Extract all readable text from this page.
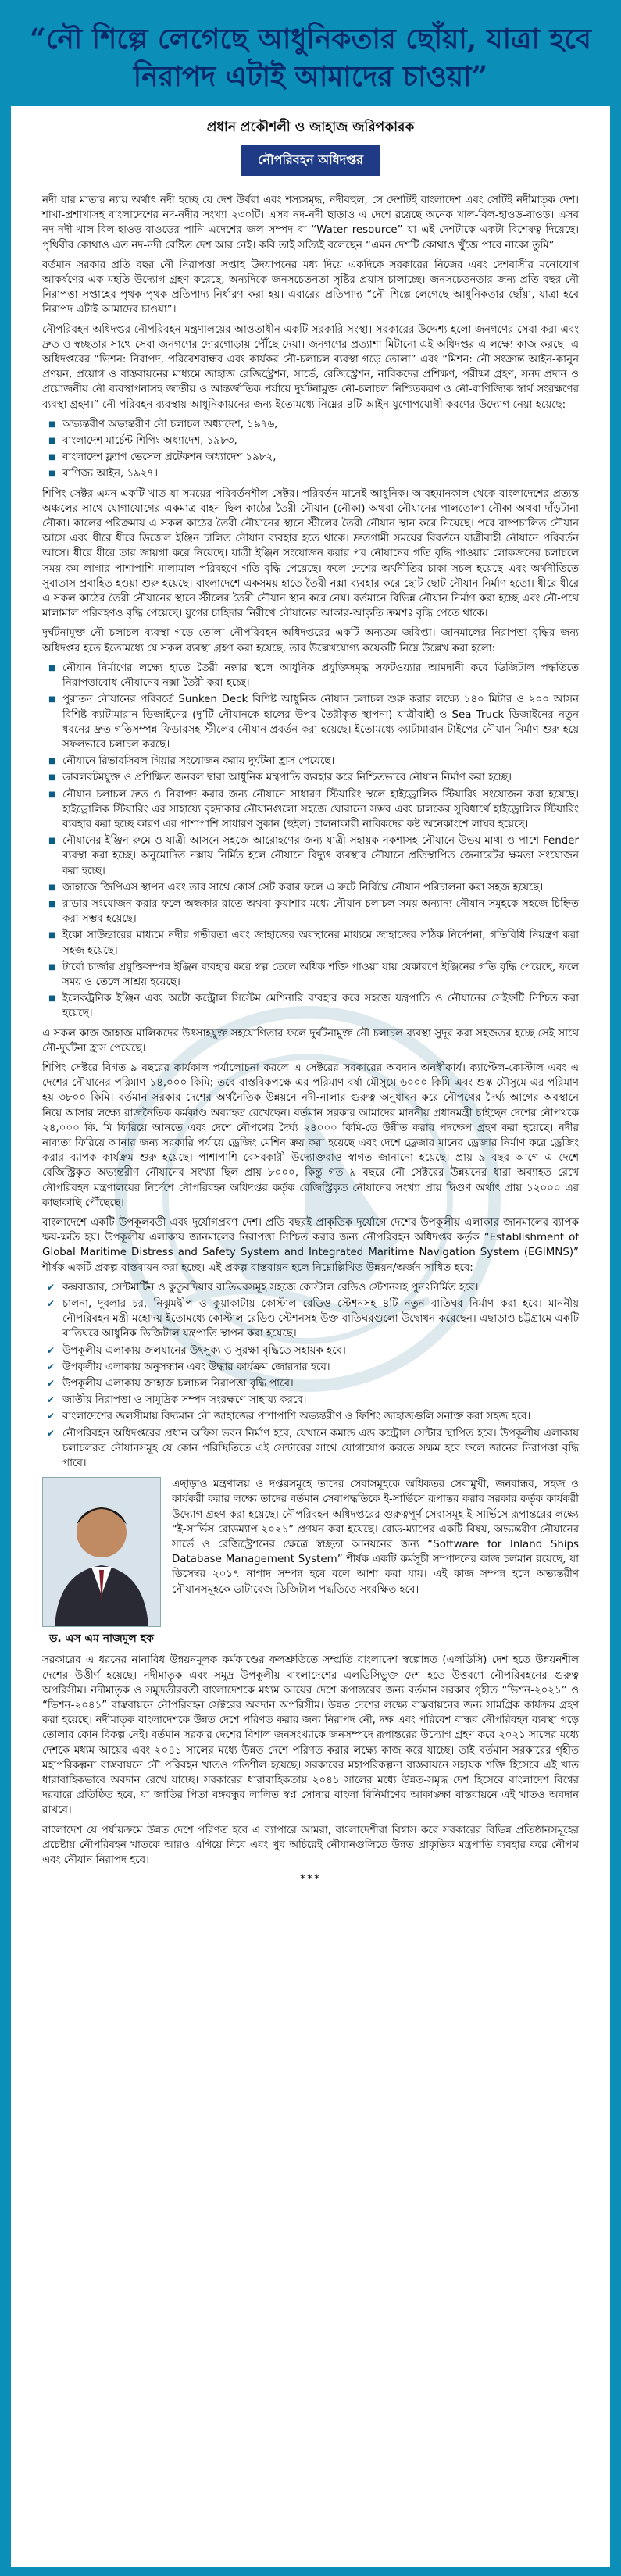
“নৌ শিল্পে লেগেছে আধুনিকতার ছোঁয়া, যাত্রা হবে নিরাপদ এটাই আমাদের চাওয়া”
প্রধান প্রকৌশলী ও জাহাজ জরিপকারক
নৌপরিবহন অধিদপ্তর

নদী যার মাতার ন্যায় অর্থাৎ নদী হচ্ছে যে দেশ উর্বরা এবং শস্যসমৃদ্ধ, নদীবহুল, সে দেশটিই বাংলাদেশ এবং সেটিই নদীমাতৃক দেশ। শাখা-প্রশাখাসহ বাংলাদেশের নদ-নদীর সংখ্যা ২৩০টি। এসব নদ-নদী ছাড়াও এ দেশে রয়েছে অনেক খাল-বিল-হাওড়-বাওড়। এসব নদ-নদী-খাল-বিল-হাওড়-বাওড়ের পানি এদেশের জল সম্পদ বা “Water resource” যা এই দেশটাকে একটা বিশেষত্ব দিয়েছে। পৃথিবীর কোথাও এত নদ-নদী বেষ্টিত দেশ আর নেই। কবি তাই সত্যিই বলেছেন “এমন দেশটি কোথাও খুঁজে পাবে নাকো তুমি”

বর্তমান সরকার প্রতি বছর নৌ নিরাপত্তা সপ্তাহ উদযাপনের মধ্য দিয়ে একদিকে সরকারের নিজের এবং দেশবাসীর মনোযোগ আকর্ষণের এক মহতি উদ্যোগ গ্রহণ করেছে, অন্যদিকে জনসচেতনতা সৃষ্টির প্রয়াস চালাচ্ছে। জনসচেতনতার জন্য প্রতি বছর নৌ নিরাপত্তা সপ্তাহের পৃথক পৃথক প্রতিপাদ্য নির্ধারণ করা হয়। এবারের প্রতিপাদ্য “নৌ শিল্পে লেগেছে আধুনিকতার ছোঁয়া, যাত্রা হবে নিরাপদ এটাই আমাদের চাওয়া”।

নৌপরিবহন অধিদপ্তর নৌপরিবহন মন্ত্রণালয়ের আওতাধীন একটি সরকারি সংস্থা। সরকারের উদ্দেশ্য হলো জনগণের সেবা করা এবং দ্রুত ও স্বচ্ছতার সাথে সেবা জনগণের দোরগোড়ায় পৌঁছে দেয়া। জনগণের প্রত্যাশা মিটানো এই অধিদপ্তর এ লক্ষ্যে কাজ করছে। এ অধিদপ্তরের “ভিশন: নিরাপদ, পরিবেশবান্ধব এবং কার্যকর নৌ-চলাচল ব্যবস্থা গড়ে তোলা” এবং “মিশন: নৌ সংক্রান্ত আইন-কানুন প্রণয়ন, প্রয়োগ ও বাস্তবায়নের মাধ্যমে জাহাজ রেজিস্ট্রেশন, সার্ভে, রেজিস্ট্রেশন, নাবিকদের প্রশিক্ষণ, পরীক্ষা গ্রহণ, সনদ প্রদান ও প্রয়োজনীয় নৌ ব্যবস্থাপনাসহ জাতীয় ও আন্তর্জাতিক পর্যায়ে দুর্ঘটনামুক্ত নৌ-চলাচল নিশ্চিতকরণ ও নৌ-বাণিজ্যিক স্বার্থ সংরক্ষণের ব্যবস্থা গ্রহণ।” নৌ পরিবহন ব্যবস্থায় আধুনিকায়নের জন্য ইতোমধ্যে নিম্নের ৪টি আইন যুগোপযোগী করণের উদ্যোগ নেয়া হয়েছে:

■ অভ্যন্তরীণ অভ্যন্তরীণ নৌ চলাচল অধ্যাদেশ, ১৯৭৬,
■ বাংলাদেশ মার্চেন্ট শিপিং অধ্যাদেশ, ১৯৮৩,
■ বাংলাদেশ ফ্ল্যাগ ভেসেল প্রটেকশন অধ্যাদেশ ১৯৮২,
■ বাণিজ্য আইন, ১৯২৭।

শিপিং সেক্টর এমন একটি খাত যা সময়ের পরিবর্তনশীল সেক্টর। পরিবর্তন মানেই আধুনিক। আবহমানকাল থেকে বাংলাদেশের প্রত্যন্ত অঞ্চলের সাথে যোগাযোগের একমাত্র বাহন ছিল কাঠের তৈরী নৌযান (নৌকা) অথবা নৌযানের পালতোলা নৌকা অথবা দাঁড়টানা নৌকা। কালের পরিক্রমায় এ সকল কাঠের তৈরী নৌযানের স্থানে স্টীলের তৈরী নৌযান স্থান করে নিয়েছে। পরে বাষ্পচালিত নৌযান আসে এবং ধীরে ধীরে ডিজেল ইঞ্জিন চালিত নৌযান ব্যবহার হতে থাকে। দ্রুতগামী সময়ের বিবর্তনে যাত্রীবাহী নৌযানে পরিবর্তন আসে। ধীরে ধীরে তার জায়গা করে নিয়েছে। যাত্রী ইঞ্জিন সংযোজন করার পর নৌযানের গতি বৃদ্ধি পাওয়ায় লোকজনের চলাচলে সময় কম লাগার পাশাপাশি মালামাল পরিবহণে গতি বৃদ্ধি পেয়েছে। ফলে দেশের অর্থনীতির চাকা সচল হয়েছে এবং অর্থনীতিতে সুবাতাস প্রবাহিত হওয়া শুরু হয়েছে। বাংলাদেশে একসময় হাতে তৈরী নক্সা ব্যবহার করে ছোট ছোট নৌযান নির্মাণ হতো। ধীরে ধীরে এ সকল কাঠের তৈরী নৌযানের স্থানে স্টীলের তৈরী নৌযান স্থান করে নেয়। বর্তমানে বিভিন্ন নৌযান নির্মাণ করা হচ্ছে এবং নৌ-পথে মালামাল পরিবহণও বৃদ্ধি পেয়েছে। যুগের চাহিদার নিরীখে নৌযানের আকার-আকৃতি ক্রমশঃ বৃদ্ধি পেতে থাকে।

দুর্ঘটনামুক্ত নৌ চলাচল ব্যবস্থা গড়ে তোলা নৌপরিবহন অধিদপ্তরের একটি অন্যতম জরিপ্তা। জানমালের নিরাপত্তা বৃদ্ধির জন্য অধিদপ্তর হতে ইতোমধ্যে যে সকল ব্যবস্থা গ্রহণ করা হয়েছে, তার উল্লেখযোগ্য কয়েকটি নিম্নে উল্লেখ করা হলো:

■ নৌযান নির্মাণের লক্ষ্যে হাতে তৈরী নক্সার স্থলে আধুনিক প্রযুক্তিসমৃদ্ধ সফটওয়্যার আমদানী করে ডিজিটাল পদ্ধতিতে নিরাপত্তাবোধ নৌযানের নক্সা তৈরী করা হচ্ছে।
■ পুরাতন নৌযানের পরিবর্তে Sunken Deck বিশিষ্ট আধুনিক নৌযান চলাচল শুরু করার লক্ষ্যে ১৪০ মিটার ও ২০০ আসন বিশিষ্ট ক্যাটামারান ডিজাইনের (দু’টি নৌযানকে হালের উপর তৈরীকৃত স্থাপনা) যাত্রীবাহী ও Sea Truck ডিজাইনের নতুন ধরনের দ্রুত গতিসম্পন্ন ফিডারসহ স্টীলের নৌযান প্রবর্তন করা হয়েছে। ইতোমধ্যে ক্যাটামারান টাইপের নৌযান নির্মাণ শুরু হয়ে সফলভাবে চলাচল করছে।
■ নৌযানে রিভারসিবল গিয়ার সংযোজন করায় দুর্ঘটনা হ্রাস পেয়েছে।
■ ডাবলবটমযুক্ত ও প্রশিক্ষিত জনবল দ্বারা আধুনিক মন্ত্রপাতি ব্যবহার করে নিশ্চিতভাবে নৌযান নির্মাণ করা হচ্ছে।
■ নৌযান চলাচল দ্রুত ও নিরাপদ করার জন্য নৌযানে সাধারণ স্টিয়ারিং স্থলে হাইড্রোলিক স্টিয়ারিং সংযোজন করা হয়েছে। হাইড্রোলিক স্টিয়ারিং এর সাহায্যে বৃহদাকার নৌযানগুলো সহজে ঘোরানো সম্ভব এবং চালকের সুবিধার্থে হাইড্রোলিক স্টিয়ারিং ব্যবহার করা হচ্ছে কারণ এর পাশাপাশি সাধারণ সুকান (হুইল) চালনাকারী নাবিকদের কষ্ট অনেকাংশে লাঘব হয়েছে।
■ নৌযানের ইঞ্জিন রুমে ও যাত্রী আসনে সহজে আরোহণের জন্য যাত্রী সহায়ক নকশাসহ নৌযানে উভয় মাথা ও পাশে Fender ব্যবস্থা করা হচ্ছে। অনুমোদিত নক্সায় নির্মিত হলে নৌযানে বিদ্যুৎ ব্যবস্থার নৌযানে প্রতিস্থাপিত জেনারেটর ক্ষমতা সংযোজন করা হচ্ছে।
■ জাহাজে জিপিএস স্থাপন এবং তার সাথে কোর্স সেট করার ফলে এ রুটে নির্বিঘ্নে নৌযান পরিচালনা করা সহজ হয়েছে।
■ রাডার সংযোজন করার ফলে অন্ধকার রাতে অথবা কুয়াশার মধ্যে নৌযান চলাচল সময় অন্যান্য নৌযান সমুহকে সহজে চিহ্নিত করা সম্ভব হয়েছে।
■ ইকো সাউন্ডারের মাধ্যমে নদীর গভীরতা এবং জাহাজের অবস্থানের মাধ্যমে জাহাজের সঠিক নির্দেশনা, গতিবিধি নিয়ন্ত্রণ করা সহজ হয়েছে।
■ টার্বো চার্জার প্রযুক্তিসম্পন্ন ইঞ্জিন ব্যবহার করে স্বল্প তেলে অধিক শক্তি পাওয়া যায় যেকারণে ইঞ্জিনের গতি বৃদ্ধি পেয়েছে, ফলে সময় ও তেলে সাশ্রয় হয়েছে।
■ ইলেকট্রনিক ইঞ্জিন এবং অটো কন্ট্রোল সিস্টেম মেশিনারি ব্যবহার করে সহজে যন্ত্রপাতি ও নৌযানের সেইফটি নিশ্চিত করা হয়েছে।

এ সকল কাজ জাহাজ মালিকদের উৎসাহযুক্ত সহযোগিতার ফলে দুর্ঘটনামুক্ত নৌ চলাচল ব্যবস্থা সুদূর করা সহজতর হচ্ছে সেই সাথে নৌ-দুর্ঘটনা হ্রাস পেয়েছে।

শিপিং সেক্টরে বিগত ৯ বছরের কার্যকাল পর্যালোচনা করলে এ সেক্টরের সরকারের অবদান অনস্বীকার্য। ক্যাপ্টেল-কোস্টাল এবং এ দেশের নৌযানের পরিমাণ ১৪,০০০ কিমি; তবে বাস্তবিকপক্ষে এর পরিমাণ বর্ষা মৌসুমে ৬০০০ কিমি এবং শুষ্ক মৌসুমে এর পরিমাণ হয় ৩৮০০ কিমি। বর্তমান সরকার দেশের অর্থনৈতিক উন্নয়নে নদী-নালার গুরুত্ব অনুধাবন করে নৌপথের দৈর্ঘ্য আগের অবস্থানে নিয়ে আসার লক্ষ্যে রাজনৈতিক কর্মকাণ্ড অব্যাহত রেখেছেন। বর্তমান সরকার আমাদের মাননীয় প্রধানমন্ত্রী চাইছেন দেশের নৌপথকে ২৪,০০০ কি. মি ফিরিয়ে আনতে এবং দেশে নৌপথের দৈর্ঘ্য ২৪০০০ কিমি-তে উন্নীত করার পদক্ষেপ গ্রহণ করা হয়েছে। নদীর নাব্যতা ফিরিয়ে আনার জন্য সরকারি পর্যায়ে ড্রেজিং মেশিন ক্রয় করা হয়েছে এবং দেশে ড্রেজার মানের ড্রেজার নির্মাণ করে ড্রেজিং করার ব্যাপক কার্যক্রম শুরু হয়েছে। পাশাপাশি বেসরকারী উদ্যোক্তরাও স্বাগত জানানো হয়েছে। প্রায় ৯ বছর আগে এ দেশে রেজিস্ট্রিকৃত অভ্যন্তরীণ নৌযানের সংখ্যা ছিল প্রায় ৮০০০, কিন্তু গত ৯ বছরে নৌ সেক্টরের উন্নয়নের ধারা অব্যাহত রেখে নৌপরিবহন মন্ত্রণালয়ের নির্দেশে নৌপরিবহন অধিদপ্তর কর্তৃক রেজিস্ট্রিকৃত নৌযানের সংখ্যা প্রায় দ্বিগুণ অর্থাৎ প্রায় ১২০০০ এর কাছাকাছি পৌঁছেছে।

বাংলাদেশে একটি উপকূলবর্তী এবং দুর্যোগপ্রবণ দেশ। প্রতি বছরই প্রাকৃতিক দুর্যোগে দেশের উপকূলীয় এলাকার জানমালের ব্যাপক ক্ষয়-ক্ষতি হয়। উপকূলীয় এলাকায় জানমালের নিরাপত্তা নিশ্চিত করার জন্য নৌপরিবহন অধিদপ্তর কর্তৃক “Establishment of Global Maritime Distress and Safety System and Integrated Maritime Navigation System (EGIMNS)” শীর্ষক একটি প্রকল্প বাস্তবায়ন করা হচ্ছে। এই প্রকল্প বাস্তবায়ন হলে নিম্নোল্লিখিত উন্নয়ন/অর্জন সাধিত হবে:

✔ কক্সবাজার, সেন্টমার্টিন ও কুতুবদিয়ার বাতিঘরসমূহ সহজে কোস্টাল রেডিও স্টেশনসহ পুনঃনির্মিত হবে।
✔ চালনা, দুবলার চর, নিঝুমদ্বীপ ও কুয়াকাটায় কোস্টাল রেডিও স্টেশনসহ ৪টি নতুন বাতিঘর নির্মাণ করা হবে। মাননীয় নৌপরিবহন মন্ত্রী মহোদয় ইতোমধ্যে কোস্টাল রেডিও স্টেশনসহ উক্ত বাতিঘরগুলো উদ্বোধন করেছেন। এছাড়াও চট্টগ্রামে একটি বাতিঘরে আধুনিক ডিজিটাল যন্ত্রপাতি স্থাপন করা হয়েছে।
✔ উপকূলীয় এলাকায় জলযানের উৎসুক্য ও সুরক্ষা বৃদ্ধিতে সহায়ক হবে।
✔ উপকূলীয় এলাকায় অনুসন্ধান এবং উদ্ধার কার্যক্রম জোরদার হবে।
✔ উপকূলীয় এলাকায় জাহাজ চলাচল নিরাপত্তা বৃদ্ধি পাবে।
✔ জাতীয় নিরাপত্তা ও সামুদ্রিক সম্পদ সংরক্ষণে সাহায্য করবে।
✔ বাংলাদেশের জলসীমায় বিদ্যমান নৌ জাহাজের পাশাপাশি অভ্যন্তরীণ ও ফিশিং জাহাজগুলি সনাক্ত করা সহজ হবে।
✔ নৌপরিবহন অধিদপ্তরের প্রধান অফিস ভবন নির্মাণ হবে, যেখানে কমান্ড এন্ড কন্ট্রোল সেন্টার স্থাপিত হবে। উপকূলীয় এলাকায় চলাচলরত নৌযানসমূহ যে কোন পরিস্থিতিতে এই সেন্টারের সাথে যোগাযোগ করতে সক্ষম হবে ফলে জানের নিরাপত্তা বৃদ্ধি পাবে।
ড. এস এম নাজমুল হক

এছাড়াও মন্ত্রণালয় ও দপ্তরসমূহে তাদের সেবাসমূহকে অধিকতর সেবামুখী, জনবান্ধব, সহজ ও কার্যকরী করার লক্ষ্যে তাদের বর্তমান সেবাপদ্ধতিকে ই-সার্ভিসে রূপান্তর করার সরকার কর্তৃক কার্যকরী উদ্যোগ গ্রহণ করা হয়েছে। নৌপরিবহন অধিদপ্তরের গুরুত্বপূর্ণ সেবাসমূহ ই-সার্ভিসে রূপান্তরের লক্ষ্যে “ই-সার্ভিস রোডম্যাপ ২০২১” প্রণয়ন করা হয়েছে। রোড-ম্যাপের একটি বিষয়, অভ্যন্তরীণ নৌযানের সার্ভে ও রেজিস্ট্রেশনের ক্ষেত্রে স্বচ্ছতা আনয়নের জন্য “Software for Inland Ships Database Management System” শীর্ষক একটি কর্মসূচী সম্পাদনের কাজ চলমান রয়েছে, যা ডিসেম্বর ২০১৭ নাগাদ সম্পন্ন হবে বলে আশা করা যায়। এই কাজ সম্পন্ন হলে অভ্যন্তরীণ নৌযানসমূহকে ডাটাবেজ ডিজিটাল পদ্ধতিতে সংরক্ষিত হবে।

সরকারের এ ধরনের নানাবিধ উন্নয়নমূলক কর্মকাণ্ডের ফলশ্রুতিতে সম্প্রতি বাংলাদেশ স্বল্পোন্নত (এলডিসি) দেশ হতে উন্নয়নশীল দেশের উত্তীর্ণ হয়েছে। নদীমাতৃক এবং সমুদ্র উপকূলীয় বাংলাদেশের এলডিসিভুক্ত দেশ হতে উত্তরণে নৌপরিবহনের গুরুত্ব অপরিসীম। নদীমাতৃক ও সমুদ্রতীরবর্তী বাংলাদেশকে মধ্যম আয়ের দেশে রূপান্তরের জন্য বর্তমান সরকার গৃহীত “ভিশন-২০২১” ও “ভিশন-২০৪১” বাস্তবায়নে নৌপরিবহন সেক্টরের অবদান অপরিসীম। উন্নত দেশের লক্ষ্যে বাস্তবায়নের জন্য সামগ্রিক কার্যক্রম গ্রহণ করা হয়েছে। নদীমাতৃক বাংলাদেশকে উন্নত দেশে পরিণত করার জন্য নিরাপদ নৌ, দক্ষ এবং পরিবেশ বান্ধব নৌপরিবহন ব্যবস্থা গড়ে তোলার কোন বিকল্প নেই। বর্তমান সরকার দেশের বিশাল জনসংখ্যাকে জনসম্পদে রূপান্তরের উদ্যোগ গ্রহণ করে ২০২১ সালের মধ্যে দেশকে মধ্যম আয়ের এবং ২০৪১ সালের মধ্যে উন্নত দেশে পরিণত করার লক্ষ্যে কাজ করে যাচ্ছে। তাই বর্তমান সরকারের গৃহীত মহাপরিকল্পনা বাস্তবায়নে নৌ পরিবহন খাতও গতিশীল হয়েছে। সরকারের মহাপরিকল্পনা বাস্তবায়নে সহায়ক শক্তি হিসেবে এই খাত ধারাবাহিকভাবে অবদান রেখে যাচ্ছে। সরকারের ধারাবাহিকতায় ২০৪১ সালের মধ্যে উন্নত-সমৃদ্ধ দেশ হিসেবে বাংলাদেশ বিশ্বের দরবারে প্রতিষ্ঠিত হবে, যা জাতির পিতা বঙ্গবন্ধুর লালিত স্বপ্ন সোনার বাংলা বিনির্মাণের আকাঙ্ক্ষা বাস্তবায়নে এই খাতও অবদান রাখবে।

বাংলাদেশ যে পর্যায়ক্রমে উন্নত দেশে পরিণত হবে এ ব্যাপারে আমরা, বাংলাদেশীরা বিশ্বাস করে সরকারের বিভিন্ন প্রতিষ্ঠানসমূহের প্রচেষ্টায় নৌপরিবহন খাতকে আরও এগিয়ে নিবে এবং খুব অচিরেই নৌযানগুলিতে উন্নত প্রাকৃতিক মন্ত্রপাতি ব্যবহার করে নৌপথ এবং নৌযান নিরাপদ হবে।

***
